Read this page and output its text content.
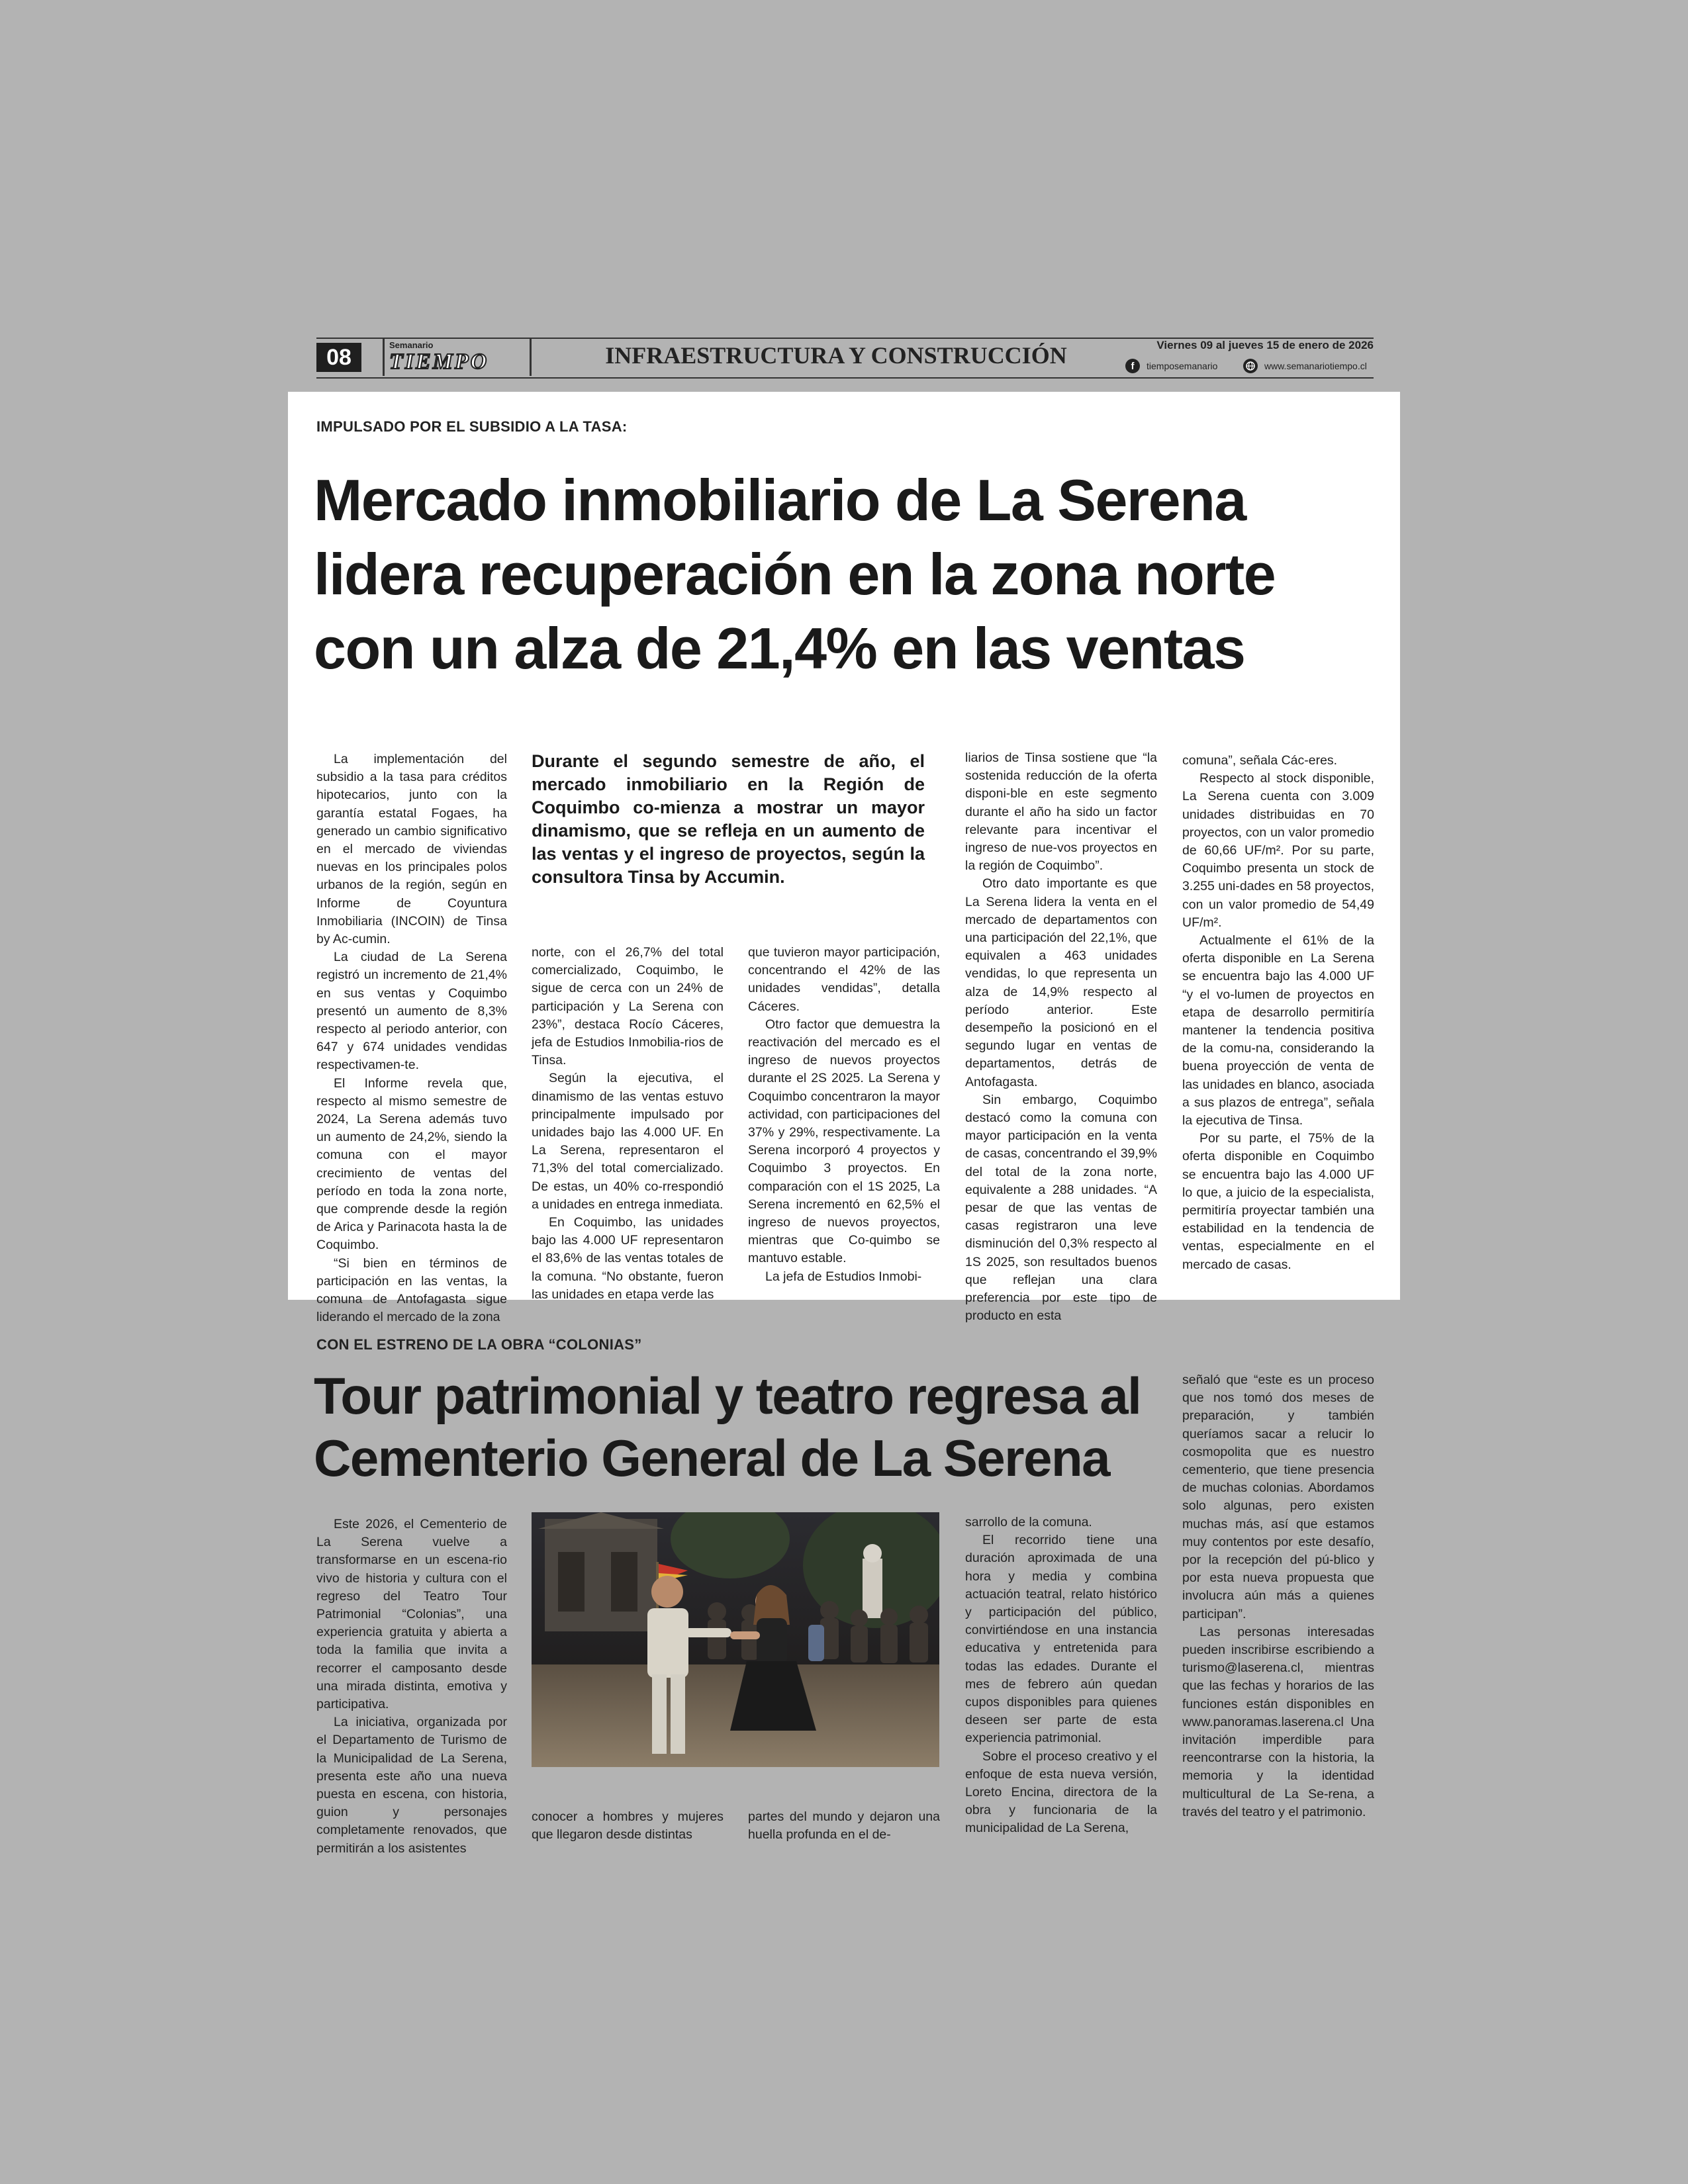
08	Semanario
TIEMPO	INFRAESTRUCTURA Y CONSTRUCCIÓN	Viernes 09 al jueves 15 de enero de 2026
f	tiemposemanario	www.semanariotiempo.cl
IMPULSADO POR EL SUBSIDIO A LA TASA:
Mercado inmobiliario de La Serena
lidera recuperación en la zona norte
con un alza de 21,4% en las ventas

La implementación del subsidio a la tasa para créditos hipotecarios, junto con la garantía estatal Fogaes, ha generado un cambio significativo en el mercado de viviendas nuevas en los principales polos urbanos de la región, según en Informe de Coyuntura Inmobiliaria (INCOIN) de Tinsa by Ac-cumin.

La ciudad de La Serena registró un incremento de 21,4% en sus ventas y Coquimbo presentó un aumento de 8,3% respecto al periodo anterior, con 647 y 674 unidades vendidas respectivamen-te.

El Informe revela que, respecto al mismo semestre de 2024, La Serena además tuvo un aumento de 24,2%, siendo la comuna con el mayor crecimiento de ventas del período en toda la zona norte, que comprende desde la región de Arica y Parinacota hasta la de Coquimbo.

“Si bien en términos de participación en las ventas, la comuna de Antofagasta sigue liderando el mercado de la zona

Durante el segundo semestre de año, el mercado inmobiliario en la Región de Coquimbo co-mienza a mostrar un mayor dinamismo, que se refleja en un aumento de las ventas y el ingreso de proyectos, según la consultora Tinsa by Accumin.

norte, con el 26,7% del total comercializado, Coquimbo, le sigue de cerca con un 24% de participación y La Serena con 23%”, destaca Rocío Cáceres, jefa de Estudios Inmobilia-rios de Tinsa.

Según la ejecutiva, el dinamismo de las ventas estuvo principalmente impulsado por unidades bajo las 4.000 UF. En La Serena, representaron el 71,3% del total comercializado. De estas, un 40% co-rrespondió a unidades en entrega inmediata.

En Coquimbo, las unidades bajo las 4.000 UF representaron el 83,6% de las ventas totales de la comuna. “No obstante, fueron las unidades en etapa verde las

que tuvieron mayor participación, concentrando el 42% de las unidades vendidas”, detalla Cáceres.

Otro factor que demuestra la reactivación del mercado es el ingreso de nuevos proyectos durante el 2S 2025. La Serena y Coquimbo concentraron la mayor actividad, con participaciones del 37% y 29%, respectivamente. La Serena incorporó 4 proyectos y Coquimbo 3 proyectos. En comparación con el 1S 2025, La Serena incrementó en 62,5% el ingreso de nuevos proyectos, mientras que Co-quimbo se mantuvo estable.

La jefa de Estudios Inmobi-

liarios de Tinsa sostiene que “la sostenida reducción de la oferta disponi-ble en este segmento durante el año ha sido un factor relevante para incentivar el ingreso de nue-vos proyectos en la región de Coquimbo”.

Otro dato importante es que La Serena lidera la venta en el mercado de departamentos con una participación del 22,1%, que equivalen a 463 unidades vendidas, lo que representa un alza de 14,9% respecto al período anterior. Este desempeño la posicionó en el segundo lugar en ventas de departamentos, detrás de Antofagasta.

Sin embargo, Coquimbo destacó como la comuna con mayor participación en la venta de casas, concentrando el 39,9% del total de la zona norte, equivalente a 288 unidades. “A pesar de que las ventas de casas registraron una leve disminución del 0,3% respecto al 1S 2025, son resultados buenos que reflejan una clara preferencia por este tipo de producto en esta

comuna”, señala Các-eres.

Respecto al stock disponible, La Serena cuenta con 3.009 unidades distribuidas en 70 proyectos, con un valor promedio de 60,66 UF/m². Por su parte, Coquimbo presenta un stock de 3.255 uni-dades en 58 proyectos, con un valor promedio de 54,49 UF/m².

Actualmente el 61% de la oferta disponible en La Serena se encuentra bajo las 4.000 UF “y el vo-lumen de proyectos en etapa de desarrollo permitiría mantener la tendencia positiva de la comu-na, considerando la buena proyección de venta de las unidades en blanco, asociada a sus plazos de entrega”, señala la ejecutiva de Tinsa.

Por su parte, el 75% de la oferta disponible en Coquimbo se encuentra bajo las 4.000 UF lo que, a juicio de la especialista, permitiría proyectar también una estabilidad en la tendencia de ventas, especialmente en el mercado de casas.

CON EL ESTRENO DE LA OBRA “COLONIAS”
Tour patrimonial y teatro regresa al
Cementerio General de La Serena

Este 2026, el Cementerio de La Serena vuelve a transformarse en un escena-rio vivo de historia y cultura con el regreso del Teatro Tour Patrimonial “Colonias”, una experiencia gratuita y abierta a toda la familia que invita a recorrer el camposanto desde una mirada distinta, emotiva y participativa.

La iniciativa, organizada por el Departamento de Turismo de la Municipalidad de La Serena, presenta este año una nueva puesta en escena, con historia, guion y personajes completamente renovados, que permitirán a los asistentes

conocer a hombres y mujeres que llegaron desde distintas

partes del mundo y dejaron una huella profunda en el de-

sarrollo de la comuna.

El recorrido tiene una duración aproximada de una hora y media y combina actuación teatral, relato histórico y participación del público, convirtiéndose en una instancia educativa y entretenida para todas las edades. Durante el mes de febrero aún quedan cupos disponibles para quienes deseen ser parte de esta experiencia patrimonial.

Sobre el proceso creativo y el enfoque de esta nueva versión, Loreto Encina, directora de la obra y funcionaria de la municipalidad de La Serena,

señaló que “este es un proceso que nos tomó dos meses de preparación, y también queríamos sacar a relucir lo cosmopolita que es nuestro cementerio, que tiene presencia de muchas colonias. Abordamos solo algunas, pero existen muchas más, así que estamos muy contentos por este desafío, por la recepción del pú-blico y por esta nueva propuesta que involucra aún más a quienes participan”.

Las personas interesadas pueden inscribirse escribiendo a turismo@laserena.cl, mientras que las fechas y horarios de las funciones están disponibles en www.panoramas.laserena.cl Una invitación imperdible para reencontrarse con la historia, la memoria y la identidad multicultural de La Se-rena, a través del teatro y el patrimonio.
